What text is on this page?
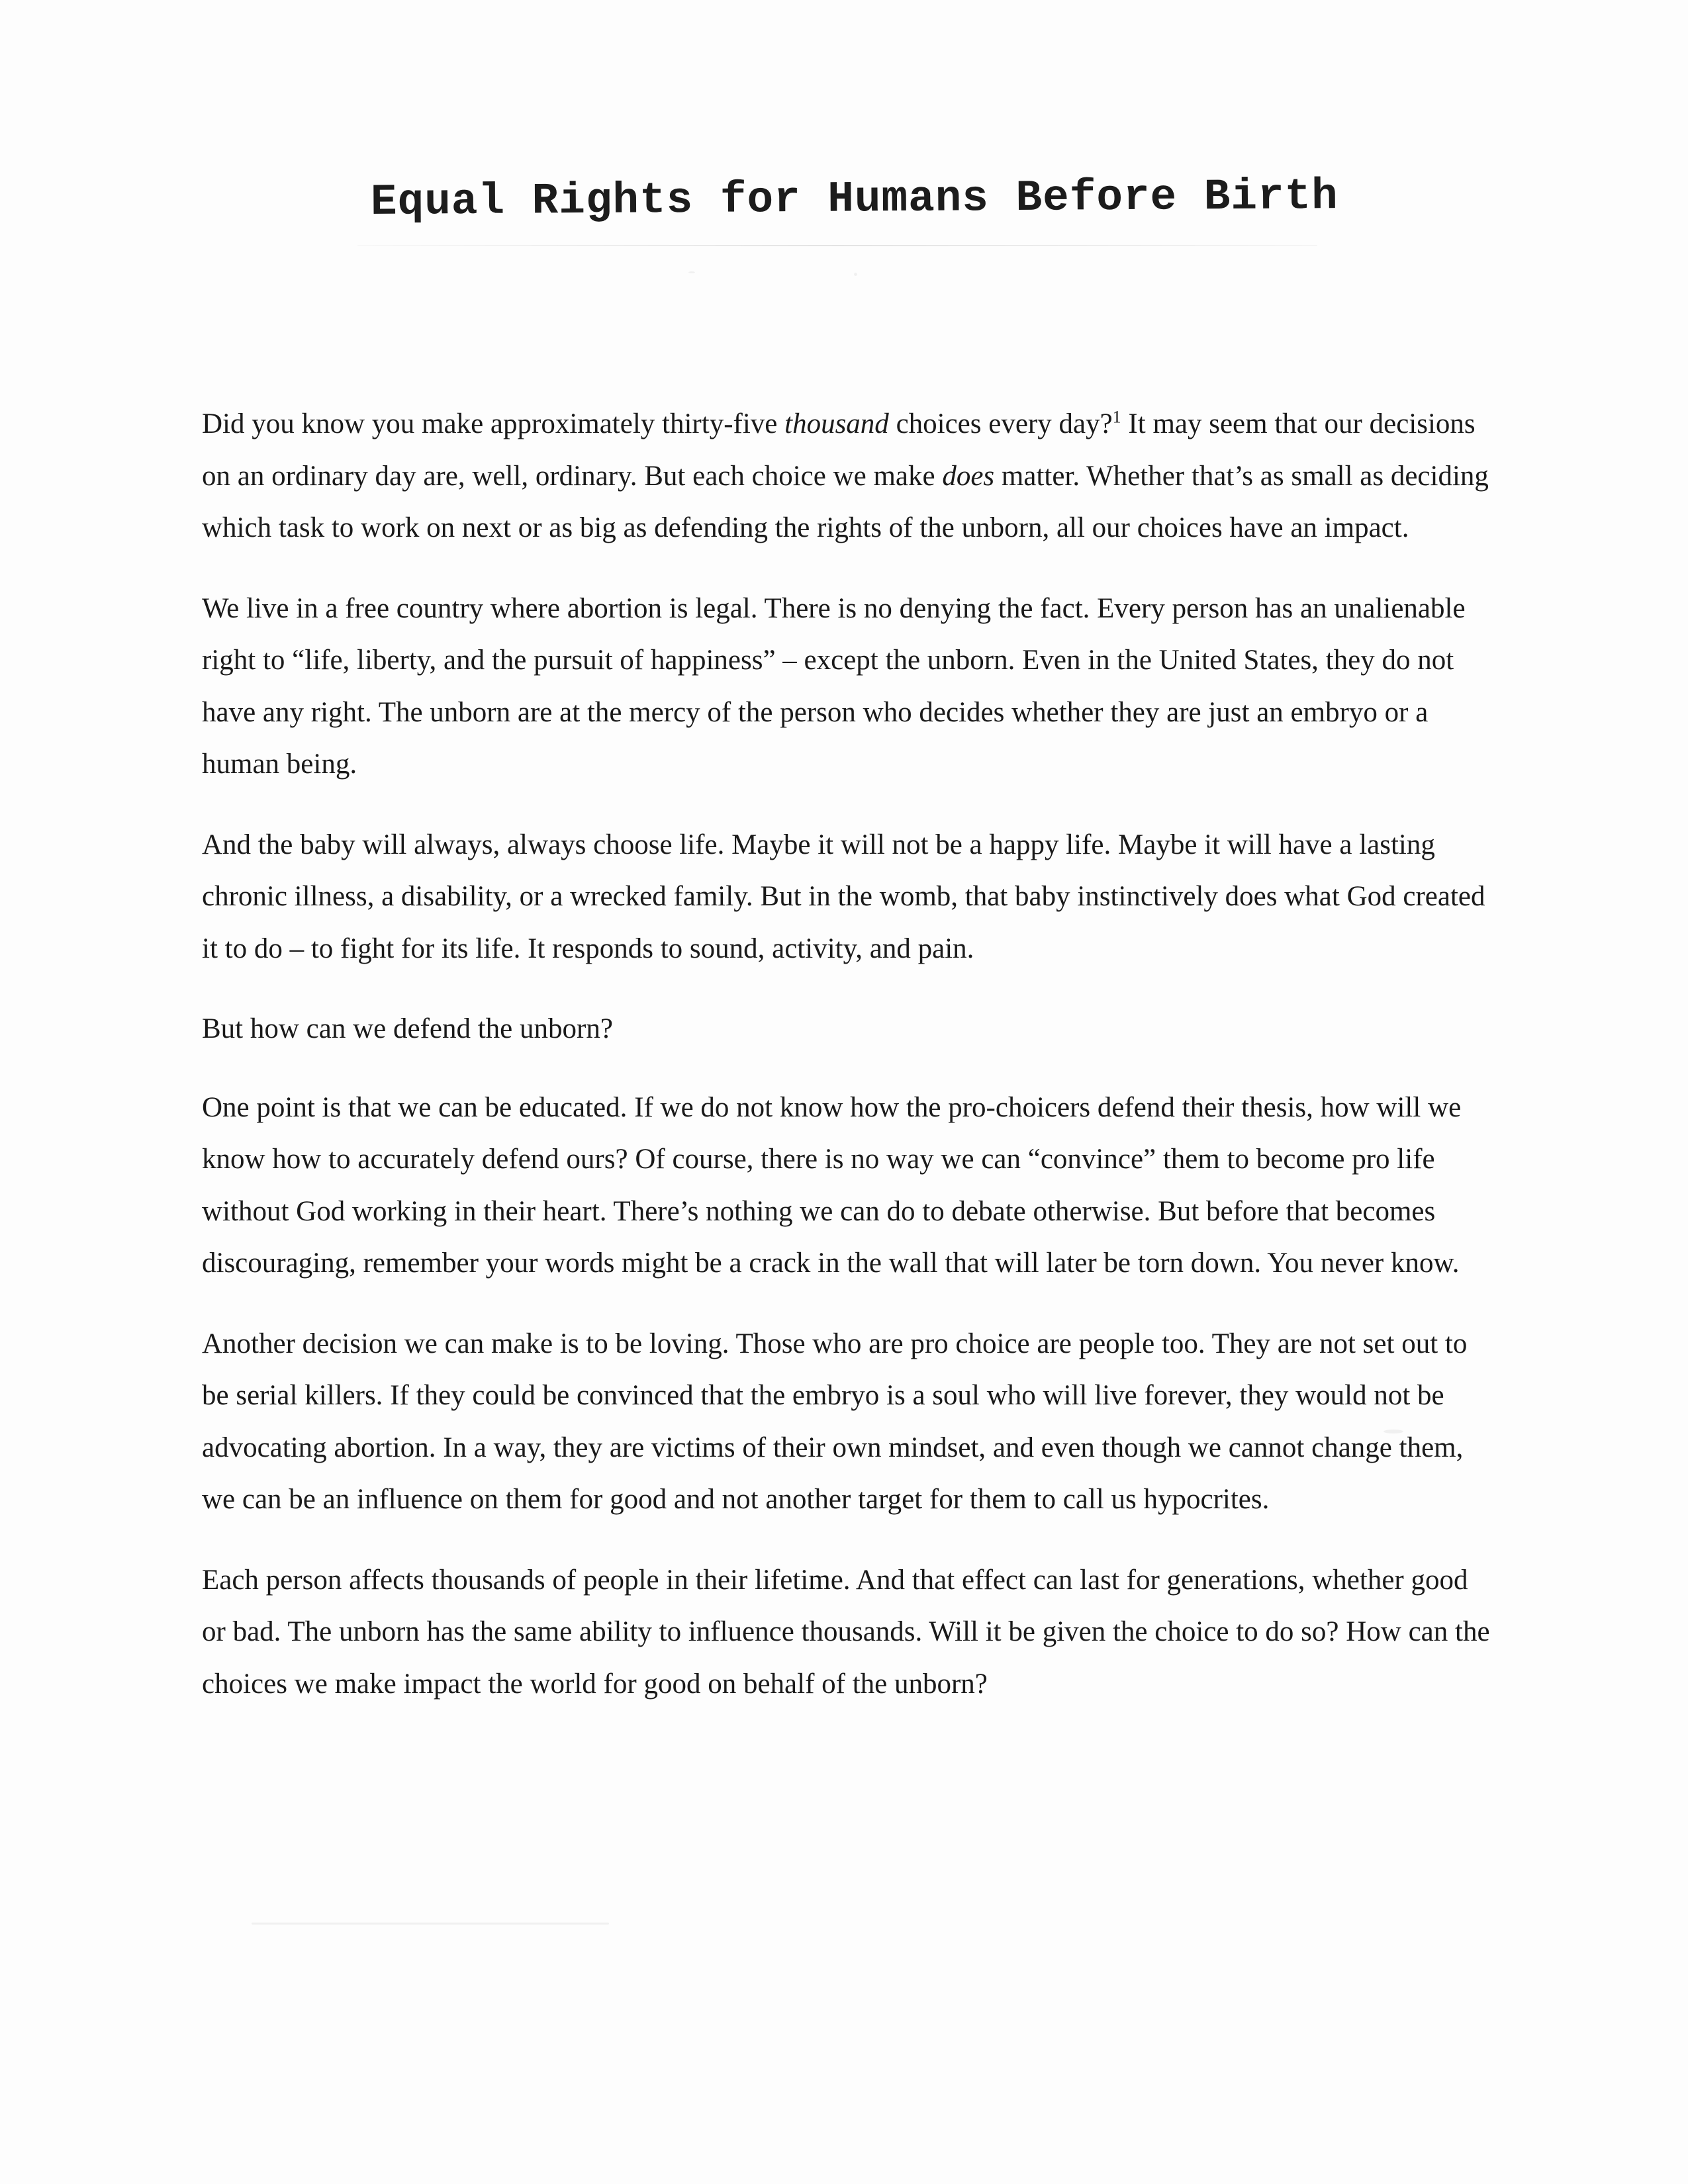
Equal Rights for Humans Before Birth

Did you know you make approximately thirty-five thousand choices every day?$^1$ It may seem that our decisions on an ordinary day are, well, ordinary. But each choice we make does matter. Whether that’s as small as deciding which task to work on next or as big as defending the rights of the unborn, all our choices have an impact.

We live in a free country where abortion is legal. There is no denying the fact. Every person has an unalienable right to “life, liberty, and the pursuit of happiness” – except the unborn. Even in the United States, they do not have any right. The unborn are at the mercy of the person who decides whether they are just an embryo or a human being.

And the baby will always, always choose life. Maybe it will not be a happy life. Maybe it will have a lasting chronic illness, a disability, or a wrecked family. But in the womb, that baby instinctively does what God created it to do – to fight for its life. It responds to sound, activity, and pain.

But how can we defend the unborn?

One point is that we can be educated. If we do not know how the pro-choicers defend their thesis, how will we know how to accurately defend ours? Of course, there is no way we can “convince” them to become pro life without God working in their heart. There’s nothing we can do to debate otherwise. But before that becomes discouraging, remember your words might be a crack in the wall that will later be torn down. You never know.

Another decision we can make is to be loving. Those who are pro choice are people too. They are not set out to be serial killers. If they could be convinced that the embryo is a soul who will live forever, they would not be advocating abortion. In a way, they are victims of their own mindset, and even though we cannot change them, we can be an influence on them for good and not another target for them to call us hypocrites.

Each person affects thousands of people in their lifetime. And that effect can last for generations, whether good or bad. The unborn has the same ability to influence thousands. Will it be given the choice to do so? How can the choices we make impact the world for good on behalf of the unborn?
